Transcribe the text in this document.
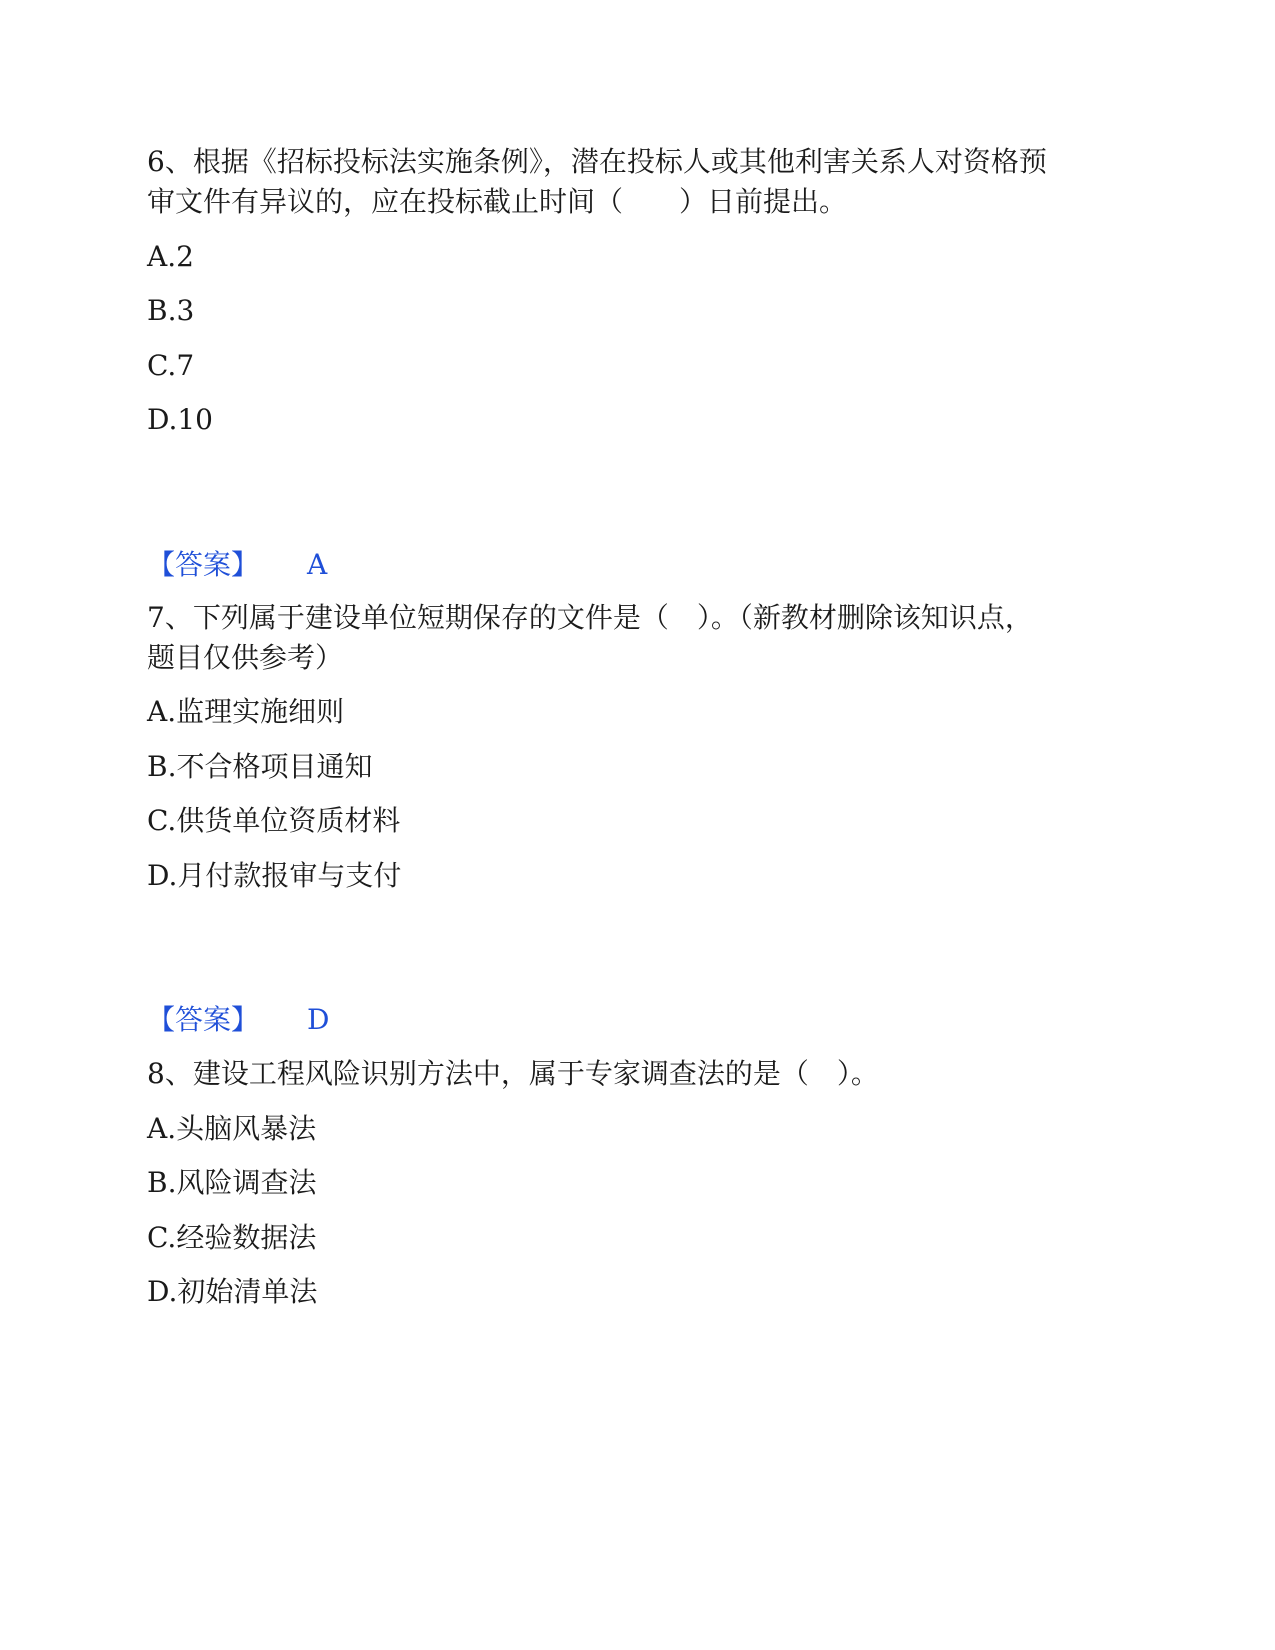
6、根据《招标投标法实施条例》，潜在投标人或其他利害关系人对资格预
审文件有异议的，应在投标截止时间（　　）日前提出。
A.2
B.3
C.7
D.10
【答案】 A
7、下列属于建设单位短期保存的文件是（　）。（新教材删除该知识点，
题目仅供参考）
A.监理实施细则
B.不合格项目通知
C.供货单位资质材料
D.月付款报审与支付
【答案】 D
8、建设工程风险识别方法中，属于专家调查法的是（　）。
A.头脑风暴法
B.风险调查法
C.经验数据法
D.初始清单法
